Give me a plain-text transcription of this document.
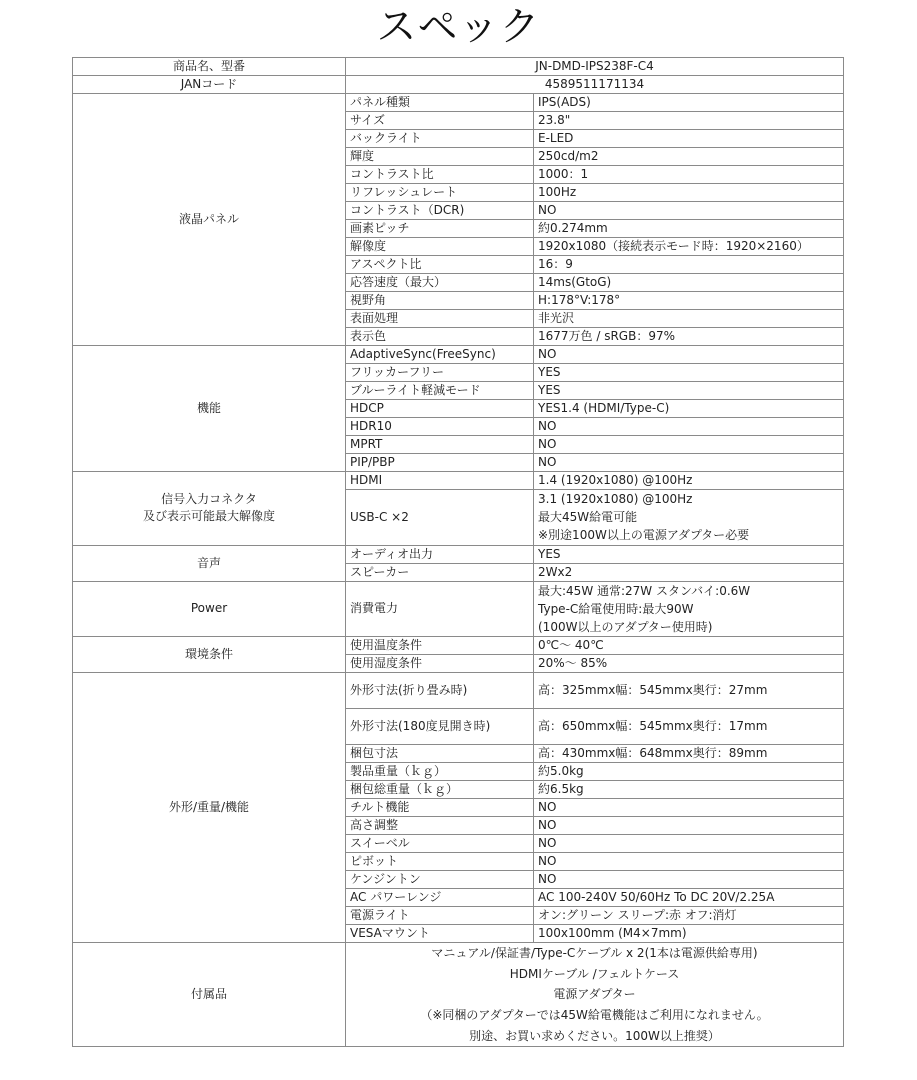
スペック
商品名、型番	JN-DMD-IPS238F-C4	
JANコード	4589511171134	
液晶パネル	パネル種類	IPS(ADS)
	サイズ	23.8"
	バックライト	E-LED
	輝度	250cd/m2
	コントラスト比	1000：1
	リフレッシュレート	100Hz
	コントラスト（DCR)	NO
	画素ピッチ	約0.274mm
	解像度	1920x1080（接続表示モード時：1920×2160）
	アスペクト比	16：9
	応答速度（最大）	14ms(GtoG)
	視野角	H:178°V:178°
	表面処理	非光沢
	表示色	1677万色 / sRGB：97%
機能	AdaptiveSync(FreeSync)	NO
	フリッカーフリー	YES
	ブルーライト軽減モード	YES
	HDCP	YES1.4 (HDMI/Type-C)
	HDR10	NO
	MPRT	NO
	PIP/PBP	NO

信号入力コネクタ
及び表示可能最大解像度	HDMI	1.4 (1920x1080) @100Hz
	USB-C ×2	3.1 (1920x1080) @100Hz
最大45W給電可能
※別途100W以上の電源アダプター必要

音声	オーディオ出力	YES
	スピーカー	2Wx2
Power	消費電力	最大:45W 通常:27W スタンバイ:0.6W
Type-C給電使用時:最大90W
(100W以上のアダプター使用時)

環境条件	使用温度条件	0℃～ 40℃
	使用湿度条件	20%～ 85%
外形/重量/機能	外形寸法(折り畳み時)	高：325mmx幅：545mmx奥行：27mm
	外形寸法(180度見開き時)	高：650mmx幅：545mmx奥行：17mm
	梱包寸法	高：430mmx幅：648mmx奥行：89mm
	製品重量（ｋｇ）	約5.0kg
	梱包総重量（ｋｇ）	約6.5kg
	チルト機能	NO
	高さ調整	NO
	スイーベル	NO
	ピボット	NO
	ケンジントン	NO
	AC パワーレンジ	AC 100-240V 50/60Hz To DC 20V/2.25A
	電源ライト	オン:グリーン スリープ:赤 オフ:消灯
	VESAマウント	100x100mm (M4×7mm)
付属品	マニュアル/保証書/Type-Cケーブル x 2(1本は電源供給専用)
HDMIケーブル /フェルトケース
電源アダプター
（※同梱のアダプターでは45W給電機能はご利用になれません。
別途、お買い求めください。100W以上推奨）	
